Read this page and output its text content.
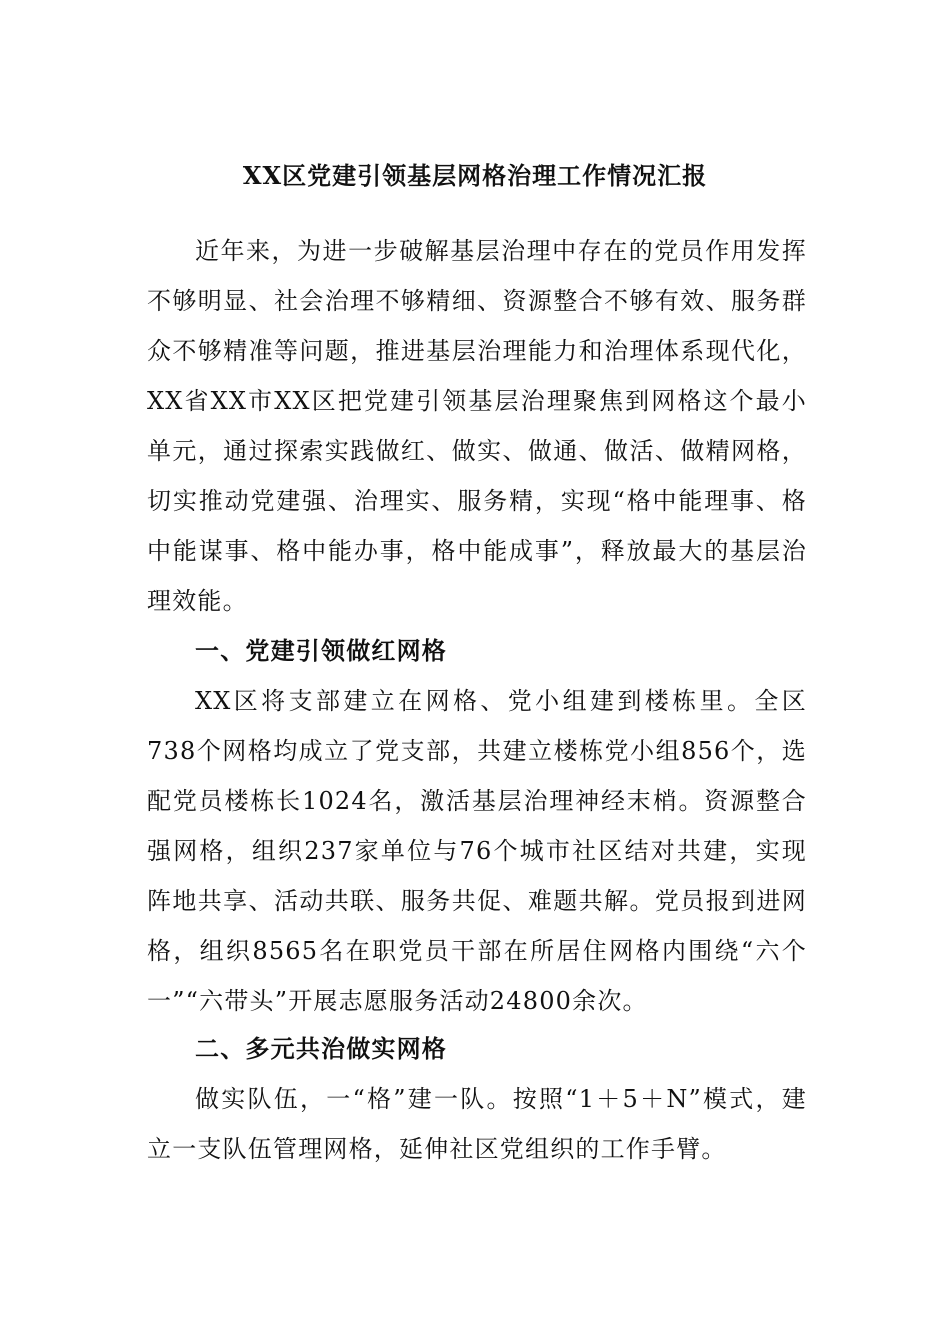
XX区党建引领基层网格治理工作情况汇报

近年来，为进一步破解基层治理中存在的党员作用发挥不够明显、社会治理不够精细、资源整合不够有效、服务群众不够精准等问题，推进基层治理能力和治理体系现代化，XX省XX市XX区把党建引领基层治理聚焦到网格这个最小单元，通过探索实践做红、做实、做通、做活、做精网格，切实推动党建强、治理实、服务精，实现“格中能理事、格中能谋事、格中能办事，格中能成事”，释放最大的基层治理效能。

一、党建引领做红网格

XX区将支部建立在网格、党小组建到楼栋里。全区738个网格均成立了党支部，共建立楼栋党小组856个，选配党员楼栋长1024名，激活基层治理神经末梢。资源整合强网格，组织237家单位与76个城市社区结对共建，实现阵地共享、活动共联、服务共促、难题共解。党员报到进网格，组织8565名在职党员干部在所居住网格内围绕“六个一”“六带头”开展志愿服务活动24800余次。

二、多元共治做实网格

做实队伍，一“格”建一队。按照“1＋5＋N”模式，建立一支队伍管理网格，延伸社区党组织的工作手臂。
